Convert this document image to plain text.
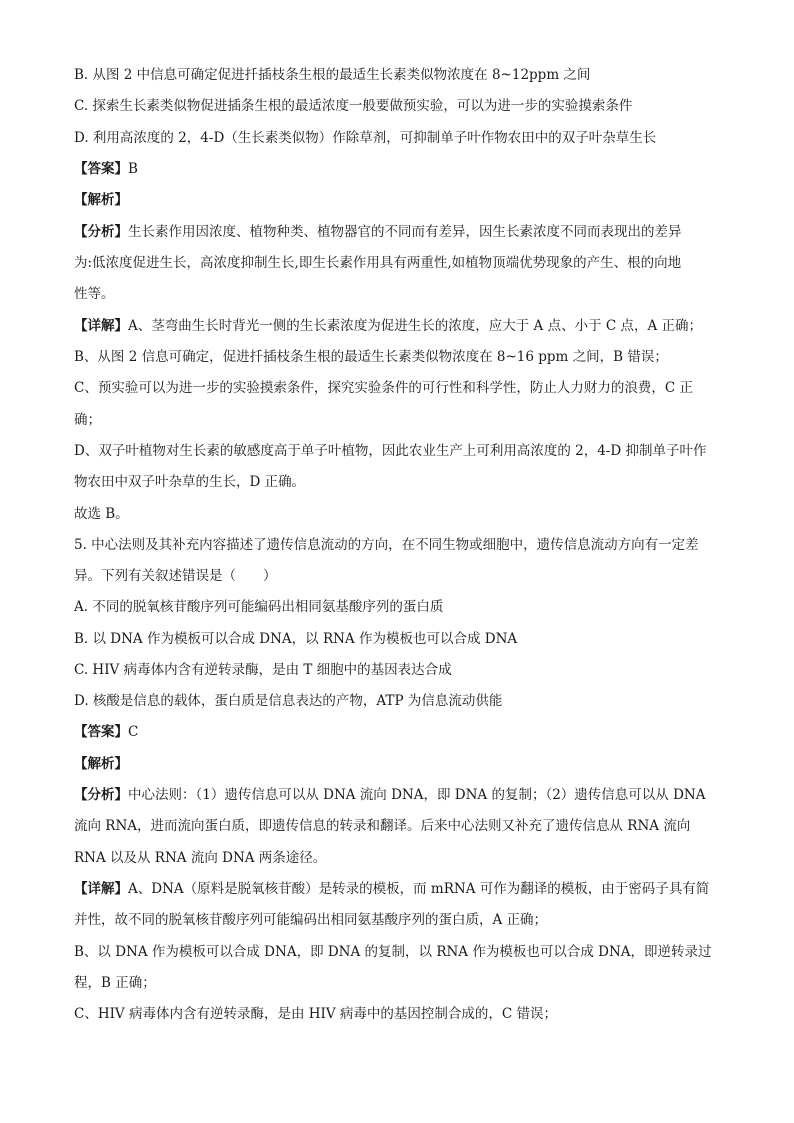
B. 从图 2 中信息可确定促进扦插枝条生根的最适生长素类似物浓度在 8~12ppm 之间
C. 探索生长素类似物促进插条生根的最适浓度一般要做预实验，可以为进一步的实验摸索条件
D. 利用高浓度的 2，4-D（生长素类似物）作除草剂，可抑制单子叶作物农田中的双子叶杂草生长
【答案】B
【解析】
【分析】生长素作用因浓度、植物种类、植物器官的不同而有差异，因生长素浓度不同而表现出的差异
为:低浓度促进生长，高浓度抑制生长,即生长素作用具有两重性,如植物顶端优势现象的产生、根的向地
性等。
【详解】A、茎弯曲生长时背光一侧的生长素浓度为促进生长的浓度，应大于 A 点、小于 C 点，A 正确；
B、从图 2 信息可确定，促进扦插枝条生根的最适生长素类似物浓度在 8~16 ppm 之间，B 错误；
C、预实验可以为进一步的实验摸索条件，探究实验条件的可行性和科学性，防止人力财力的浪费，C 正
确；
D、双子叶植物对生长素的敏感度高于单子叶植物，因此农业生产上可利用高浓度的 2，4-D 抑制单子叶作
物农田中双子叶杂草的生长，D 正确。
故选 B。
5. 中心法则及其补充内容描述了遗传信息流动的方向，在不同生物或细胞中，遗传信息流动方向有一定差
异。下列有关叙述错误是（　　）
A. 不同的脱氧核苷酸序列可能编码出相同氨基酸序列的蛋白质
B. 以 DNA 作为模板可以合成 DNA，以 RNA 作为模板也可以合成 DNA
C. HIV 病毒体内含有逆转录酶，是由 T 细胞中的基因表达合成
D. 核酸是信息的载体，蛋白质是信息表达的产物，ATP 为信息流动供能
【答案】C
【解析】
【分析】中心法则：（1）遗传信息可以从 DNA 流向 DNA，即 DNA 的复制；（2）遗传信息可以从 DNA
流向 RNA，进而流向蛋白质，即遗传信息的转录和翻译。后来中心法则又补充了遗传信息从 RNA 流向
RNA 以及从 RNA 流向 DNA 两条途径。
【详解】A、DNA（原料是脱氧核苷酸）是转录的模板，而 mRNA 可作为翻译的模板，由于密码子具有简
并性，故不同的脱氧核苷酸序列可能编码出相同氨基酸序列的蛋白质，A 正确；
B、以 DNA 作为模板可以合成 DNA，即 DNA 的复制，以 RNA 作为模板也可以合成 DNA，即逆转录过
程，B 正确；
C、HIV 病毒体内含有逆转录酶，是由 HIV 病毒中的基因控制合成的，C 错误；
